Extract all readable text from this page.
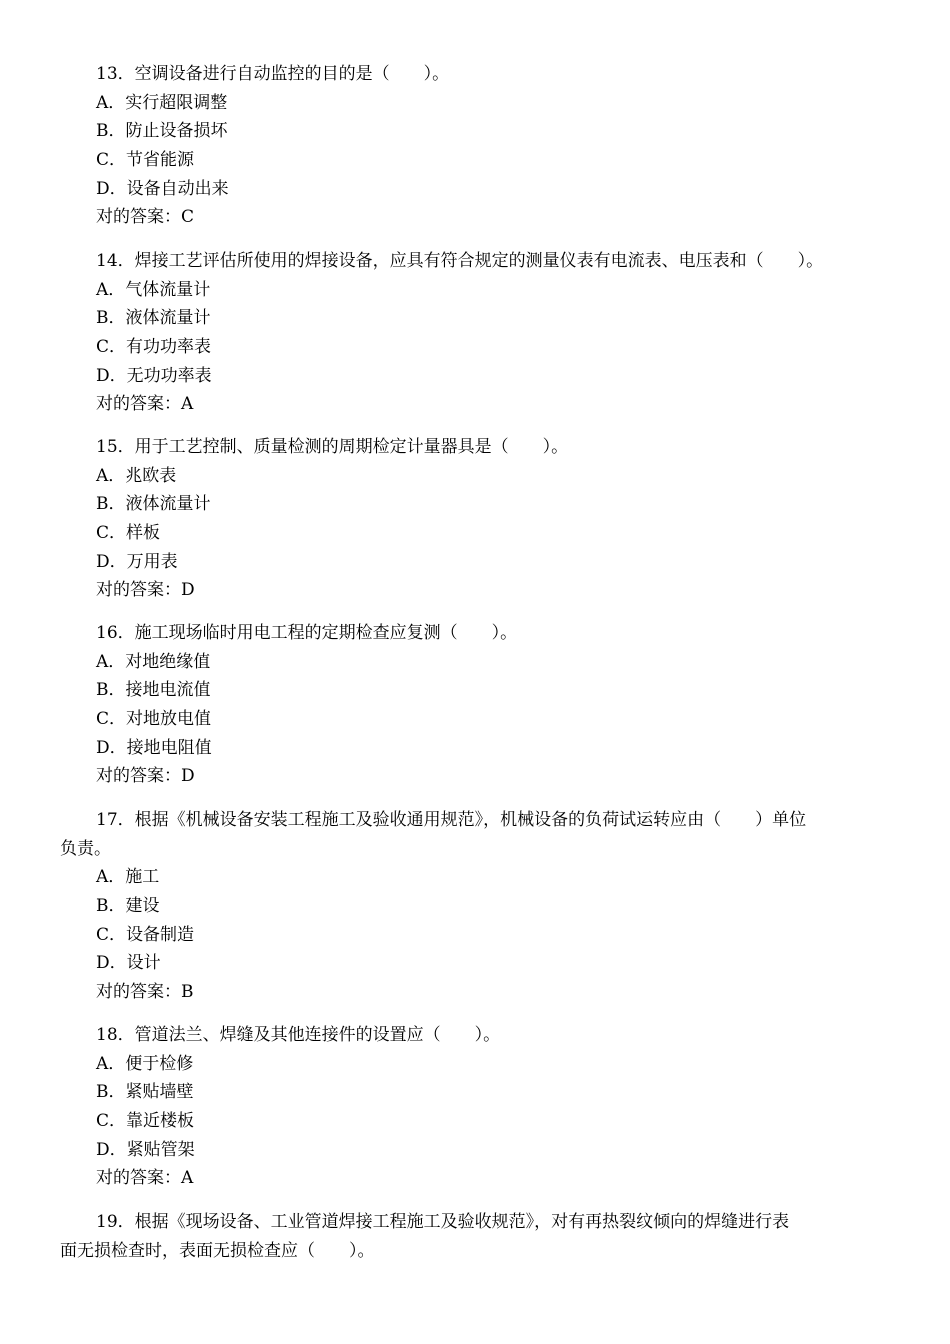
13．空调设备进行自动监控的目的是（　　）。
A．实行超限调整
B．防止设备损坏
C．节省能源
D．设备自动出来
对的答案：C
14．焊接工艺评估所使用的焊接设备，应具有符合规定的测量仪表有电流表、电压表和（　　）。
A．气体流量计
B．液体流量计
C．有功功率表
D．无功功率表
对的答案：A
15．用于工艺控制、质量检测的周期检定计量器具是（　　）。
A．兆欧表
B．液体流量计
C．样板
D．万用表
对的答案：D
16．施工现场临时用电工程的定期检查应复测（　　）。
A．对地绝缘值
B．接地电流值
C．对地放电值
D．接地电阻值
对的答案：D
17．根据《机械设备安装工程施工及验收通用规范》，机械设备的负荷试运转应由（　　）单位
负责。
A．施工
B．建设
C．设备制造
D．设计
对的答案：B
18．管道法兰、焊缝及其他连接件的设置应（　　）。
A．便于检修
B．紧贴墙壁
C．靠近楼板
D．紧贴管架
对的答案：A
19．根据《现场设备、工业管道焊接工程施工及验收规范》，对有再热裂纹倾向的焊缝进行表
面无损检查时，表面无损检查应（　　）。
